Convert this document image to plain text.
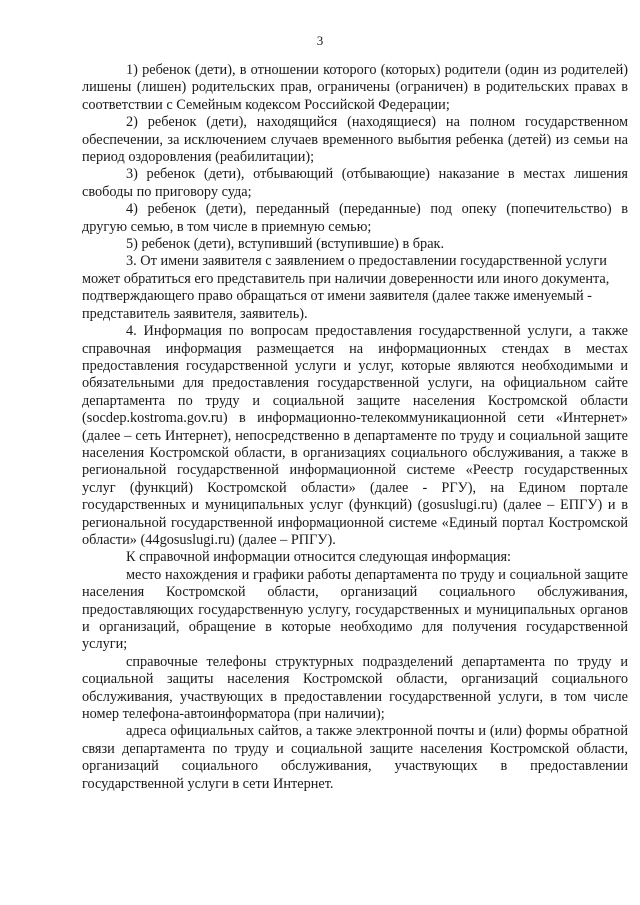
3

1) ребенок (дети), в отношении которого (которых) родители (один из родителей) лишены (лишен) родительских прав, ограничены (ограничен) в родительских правах в соответствии с Семейным кодексом Российской Федерации;

2) ребенок (дети), находящийся (находящиеся) на полном государственном обеспечении, за исключением случаев временного выбытия ребенка (детей) из семьи на период оздоровления (реабилитации);

3) ребенок (дети), отбывающий (отбывающие) наказание в местах лишения свободы по приговору суда;

4) ребенок (дети), переданный (переданные) под опеку (попечительство) в другую семью, в том числе в приемную семью;

5) ребенок (дети), вступивший (вступившие) в брак.

3. От имени заявителя с заявлением о предоставлении государственной услуги может обратиться его представитель при наличии доверенности или иного документа, подтверждающего право обращаться от имени заявителя (далее также именуемый - представитель заявителя, заявитель).

4. Информация по вопросам предоставления государственной услуги, а также справочная информация размещается на информационных стендах в местах предоставления государственной услуги и услуг, которые являются необходимыми и обязательными для предоставления государственной услуги, на официальном сайте департамента по труду и социальной защите населения Костромской области (socdep.kostroma.gov.ru) в информационно-телекоммуникационной сети «Интернет» (далее – сеть Интернет), непосредственно в департаменте по труду и социальной защите населения Костромской области, в организациях социального обслуживания, а также в региональной государственной информационной системе «Реестр государственных услуг (функций) Костромской области» (далее - РГУ), на Едином портале государственных и муниципальных услуг (функций) (gosuslugi.ru) (далее – ЕПГУ) и в региональной государственной информационной системе «Единый портал Костромской области» (44gosuslugi.ru) (далее – РПГУ).

К справочной информации относится следующая информация:

место нахождения и графики работы департамента по труду и социальной защите населения Костромской области, организаций социального обслуживания, предоставляющих государственную услугу, государственных и муниципальных органов и организаций, обращение в которые необходимо для получения государственной услуги;

справочные телефоны структурных подразделений департамента по труду и социальной защиты населения Костромской области, организаций социального обслуживания, участвующих в предоставлении государственной услуги, в том числе номер телефона-автоинформатора (при наличии);

адреса официальных сайтов, а также электронной почты и (или) формы обратной связи департамента по труду и социальной защите населения Костромской области, организаций социального обслуживания, участвующих в предоставлении государственной услуги в сети Интернет.
